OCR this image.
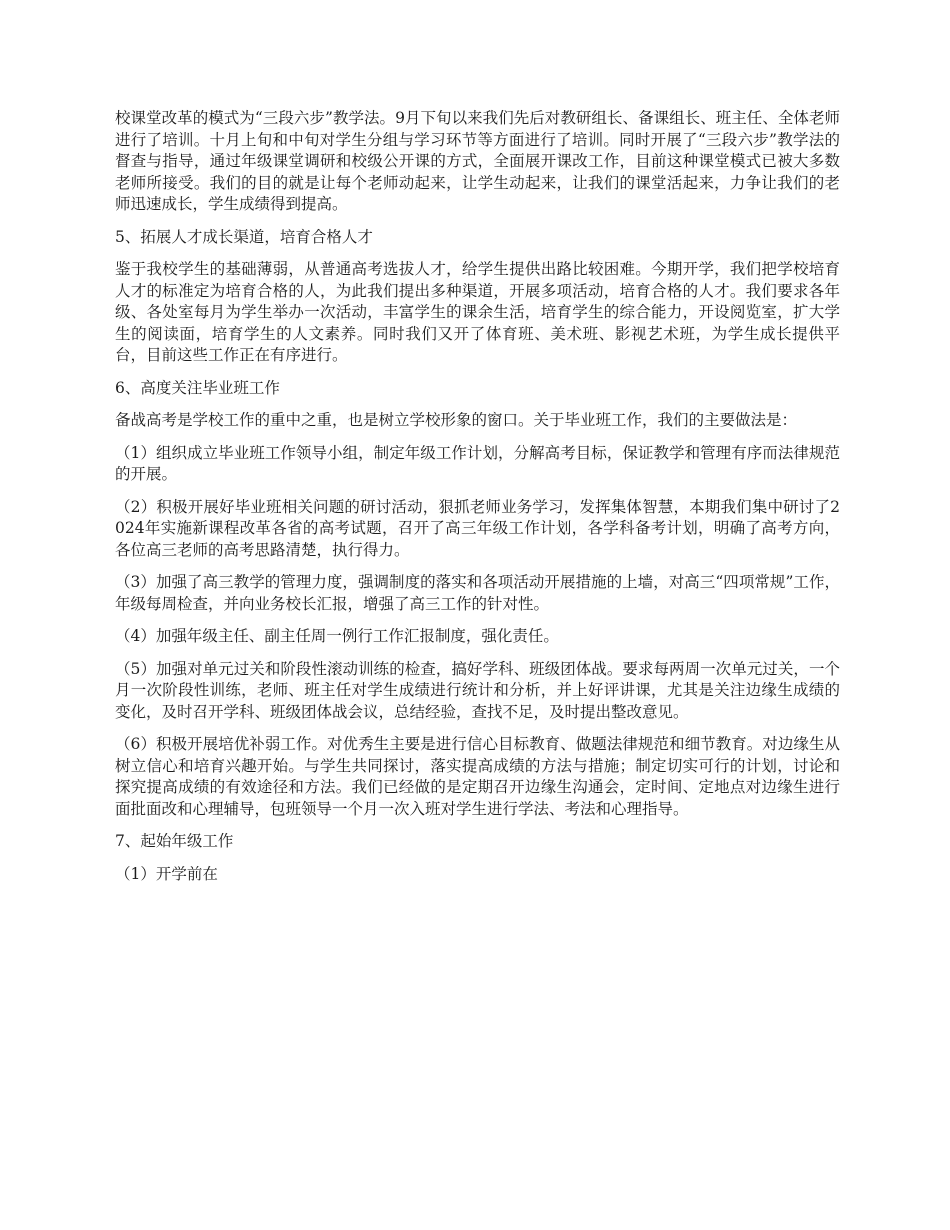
校课堂改革的模式为“三段六步”教学法。9月下旬以来我们先后对教研组长、备课组长、班主任、全体老师进行了培训。十月上旬和中旬对学生分组与学习环节等方面进行了培训。同时开展了“三段六步”教学法的督查与指导，通过年级课堂调研和校级公开课的方式，全面展开课改工作，目前这种课堂模式已被大多数老师所接受。我们的目的就是让每个老师动起来，让学生动起来，让我们的课堂活起来，力争让我们的老师迅速成长，学生成绩得到提高。

5、拓展人才成长渠道，培育合格人才

鉴于我校学生的基础薄弱，从普通高考选拔人才，给学生提供出路比较困难。今期开学，我们把学校培育人才的标准定为培育合格的人，为此我们提出多种渠道，开展多项活动，培育合格的人才。我们要求各年级、各处室每月为学生举办一次活动，丰富学生的课余生活，培育学生的综合能力，开设阅览室，扩大学生的阅读面，培育学生的人文素养。同时我们又开了体育班、美术班、影视艺术班，为学生成长提供平台，目前这些工作正在有序进行。

6、高度关注毕业班工作

备战高考是学校工作的重中之重，也是树立学校形象的窗口。关于毕业班工作，我们的主要做法是：

（1）组织成立毕业班工作领导小组，制定年级工作计划，分解高考目标，保证教学和管理有序而法律规范的开展。

（2）积极开展好毕业班相关问题的研讨活动，狠抓老师业务学习，发挥集体智慧，本期我们集中研讨了2024年实施新课程改革各省的高考试题，召开了高三年级工作计划，各学科备考计划，明确了高考方向，各位高三老师的高考思路清楚，执行得力。

（3）加强了高三教学的管理力度，强调制度的落实和各项活动开展措施的上墙，对高三“四项常规”工作，年级每周检查，并向业务校长汇报，增强了高三工作的针对性。

（4）加强年级主任、副主任周一例行工作汇报制度，强化责任。

（5）加强对单元过关和阶段性滚动训练的检查，搞好学科、班级团体战。要求每两周一次单元过关，一个月一次阶段性训练，老师、班主任对学生成绩进行统计和分析，并上好评讲课，尤其是关注边缘生成绩的变化，及时召开学科、班级团体战会议，总结经验，查找不足，及时提出整改意见。

（6）积极开展培优补弱工作。对优秀生主要是进行信心目标教育、做题法律规范和细节教育。对边缘生从树立信心和培育兴趣开始。与学生共同探讨，落实提高成绩的方法与措施；制定切实可行的计划，讨论和探究提高成绩的有效途径和方法。我们已经做的是定期召开边缘生沟通会，定时间、定地点对边缘生进行面批面改和心理辅导，包班领导一个月一次入班对学生进行学法、考法和心理指导。

7、起始年级工作

（1）开学前在
